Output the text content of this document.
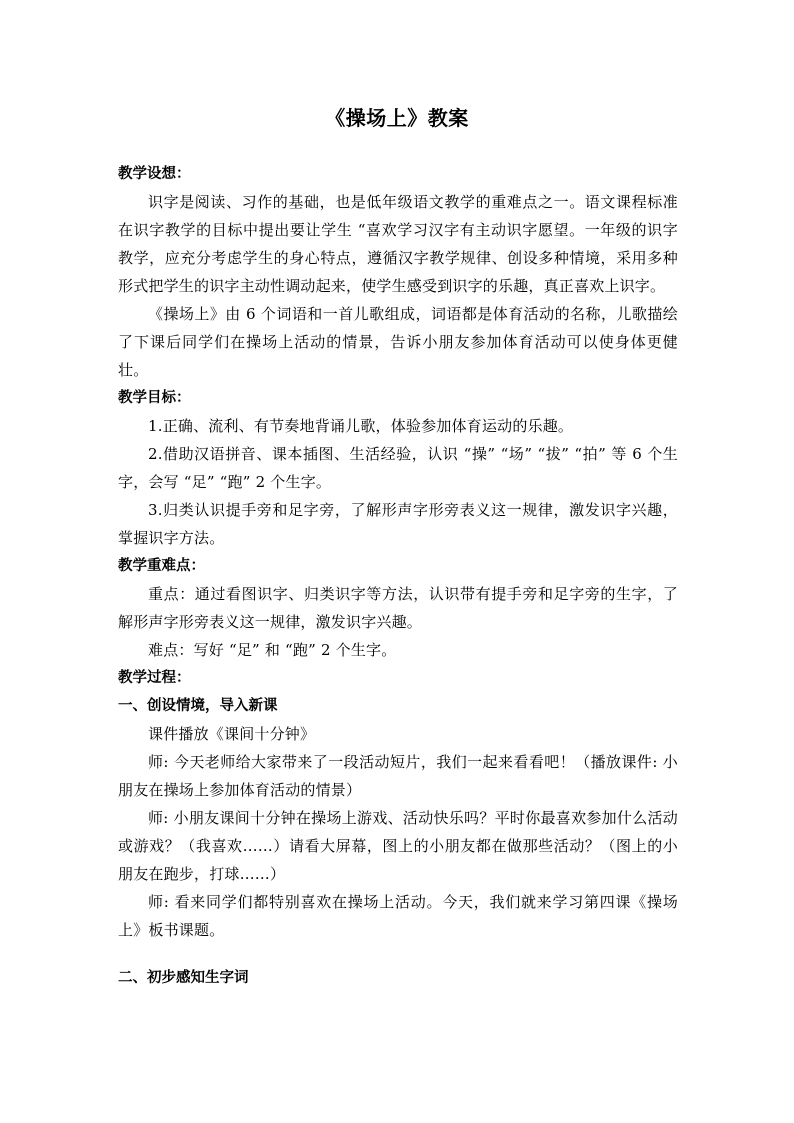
《操场上》教案
教学设想：
识字是阅读、习作的基础，也是低年级语文教学的重难点之一。语文课程标准在识字教学的目标中提出要让学生 “喜欢学习汉字有主动识字愿望。一年级的识字教学，应充分考虑学生的身心特点，遵循汉字教学规律、创设多种情境，采用多种形式把学生的识字主动性调动起来，使学生感受到识字的乐趣，真正喜欢上识字。
《操场上》由 6 个词语和一首儿歌组成，词语都是体育活动的名称，儿歌描绘了下课后同学们在操场上活动的情景，告诉小朋友参加体育活动可以使身体更健壮。
教学目标：
1.正确、流利、有节奏地背诵儿歌，体验参加体育运动的乐趣。
2.借助汉语拼音、课本插图、生活经验，认识 “操” “场” “拔” “拍” 等 6 个生字，会写 “足” “跑” 2 个生字。
3.归类认识提手旁和足字旁，了解形声字形旁表义这一规律，激发识字兴趣，掌握识字方法。
教学重难点：
重点：通过看图识字、归类识字等方法，认识带有提手旁和足字旁的生字，了解形声字形旁表义这一规律，激发识字兴趣。
难点：写好 “足” 和 “跑” 2 个生字。
教学过程：
一、创设情境，导入新课
课件播放《课间十分钟》
师: 今天老师给大家带来了一段活动短片，我们一起来看看吧！（播放课件: 小朋友在操场上参加体育活动的情景）
师: 小朋友课间十分钟在操场上游戏、活动快乐吗？平时你最喜欢参加什么活动或游戏？（我喜欢……）请看大屏幕，图上的小朋友都在做那些活动？（图上的小朋友在跑步，打球……）
师: 看来同学们都特别喜欢在操场上活动。今天，我们就来学习第四课《操场上》板书课题。
二、初步感知生字词
